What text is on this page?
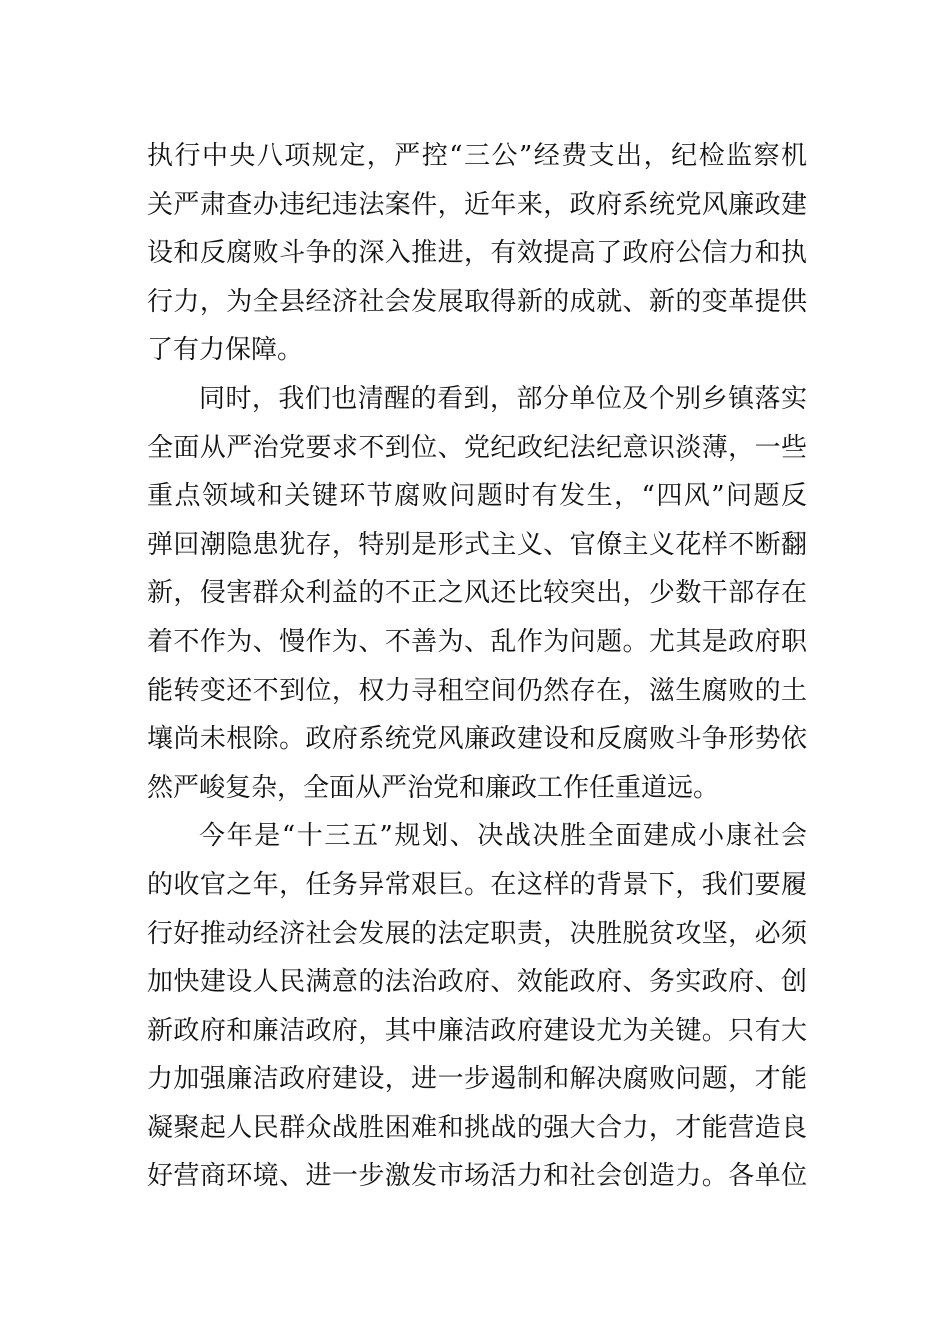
执行中央八项规定，严控“三公”经费支出，纪检监察机
关严肃查办违纪违法案件，近年来，政府系统党风廉政建
设和反腐败斗争的深入推进，有效提高了政府公信力和执
行力，为全县经济社会发展取得新的成就、新的变革提供
了有力保障。
同时，我们也清醒的看到，部分单位及个别乡镇落实
全面从严治党要求不到位、党纪政纪法纪意识淡薄，一些
重点领域和关键环节腐败问题时有发生，“四风”问题反
弹回潮隐患犹存，特别是形式主义、官僚主义花样不断翻
新，侵害群众利益的不正之风还比较突出，少数干部存在
着不作为、慢作为、不善为、乱作为问题。尤其是政府职
能转变还不到位，权力寻租空间仍然存在，滋生腐败的土
壤尚未根除。政府系统党风廉政建设和反腐败斗争形势依
然严峻复杂，全面从严治党和廉政工作任重道远。
今年是“十三五”规划、决战决胜全面建成小康社会
的收官之年，任务异常艰巨。在这样的背景下，我们要履
行好推动经济社会发展的法定职责，决胜脱贫攻坚，必须
加快建设人民满意的法治政府、效能政府、务实政府、创
新政府和廉洁政府，其中廉洁政府建设尤为关键。只有大
力加强廉洁政府建设，进一步遏制和解决腐败问题，才能
凝聚起人民群众战胜困难和挑战的强大合力，才能营造良
好营商环境、进一步激发市场活力和社会创造力。各单位
